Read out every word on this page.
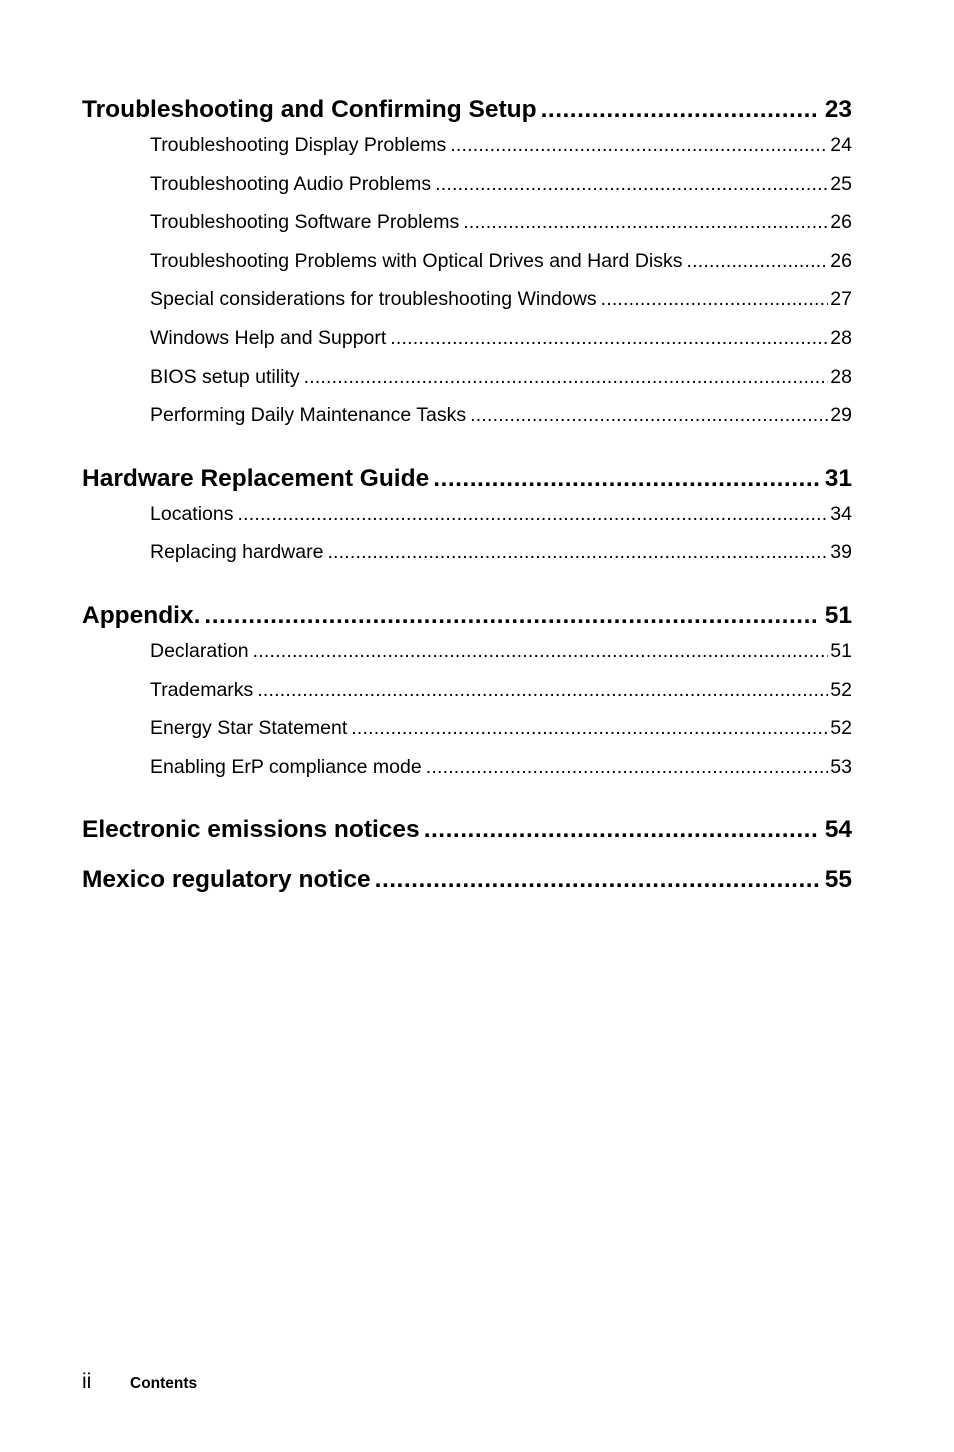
Troubleshooting and Confirming Setup .....	23
Troubleshooting Display Problems .....	24
Troubleshooting Audio Problems .....	25
Troubleshooting Software Problems .....	26
Troubleshooting Problems with Optical Drives and Hard Disks .....	26
Special considerations for troubleshooting Windows .....	27
Windows Help and Support .....	28
BIOS setup utility .....	28
Performing Daily Maintenance Tasks .....	29
Hardware Replacement Guide .....	31
Locations .....	34
Replacing hardware .....	39
Appendix. .....	51
Declaration .....	51
Trademarks .....	52
Energy Star Statement .....	52
Enabling ErP compliance mode .....	53
Electronic emissions notices .....	54
Mexico regulatory notice .....	55
ii	Contents
